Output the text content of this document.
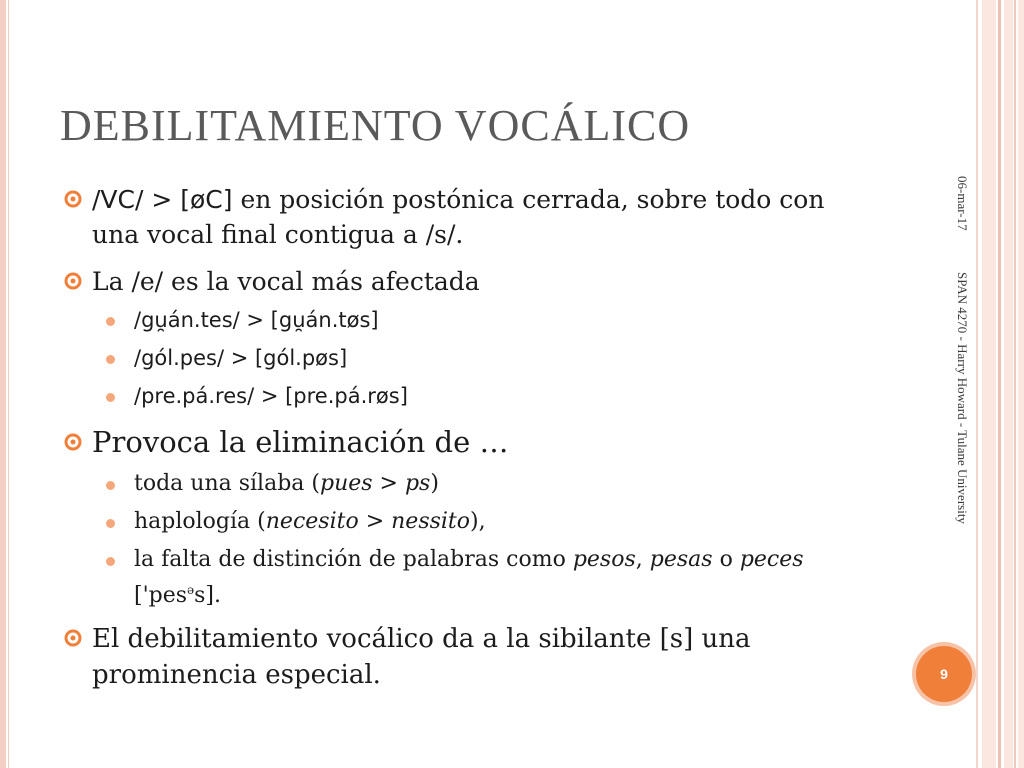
06-mar-17
SPAN 4270 - Harry Howard - Tulane University
9
DEBILITAMIENTO VOCÁLICO
/VC/ > [øC] en posición postónica cerrada, sobre todo con una vocal final contigua a /s/.
La /e/ es la vocal más afectada
/gu̯án.tes/ > [gu̯án.tøs]
/gól.pes/ > [gól.pøs]
/pre.pá.res/ > [pre.pá.røs]
Provoca la eliminación de …
toda una sílaba (pues > ps)
haplología (necesito > nessito),
la falta de distinción de palabras como pesos, pesas o peces ['pes$^ə$s].
El debilitamiento vocálico da a la sibilante [s] una prominencia especial.
